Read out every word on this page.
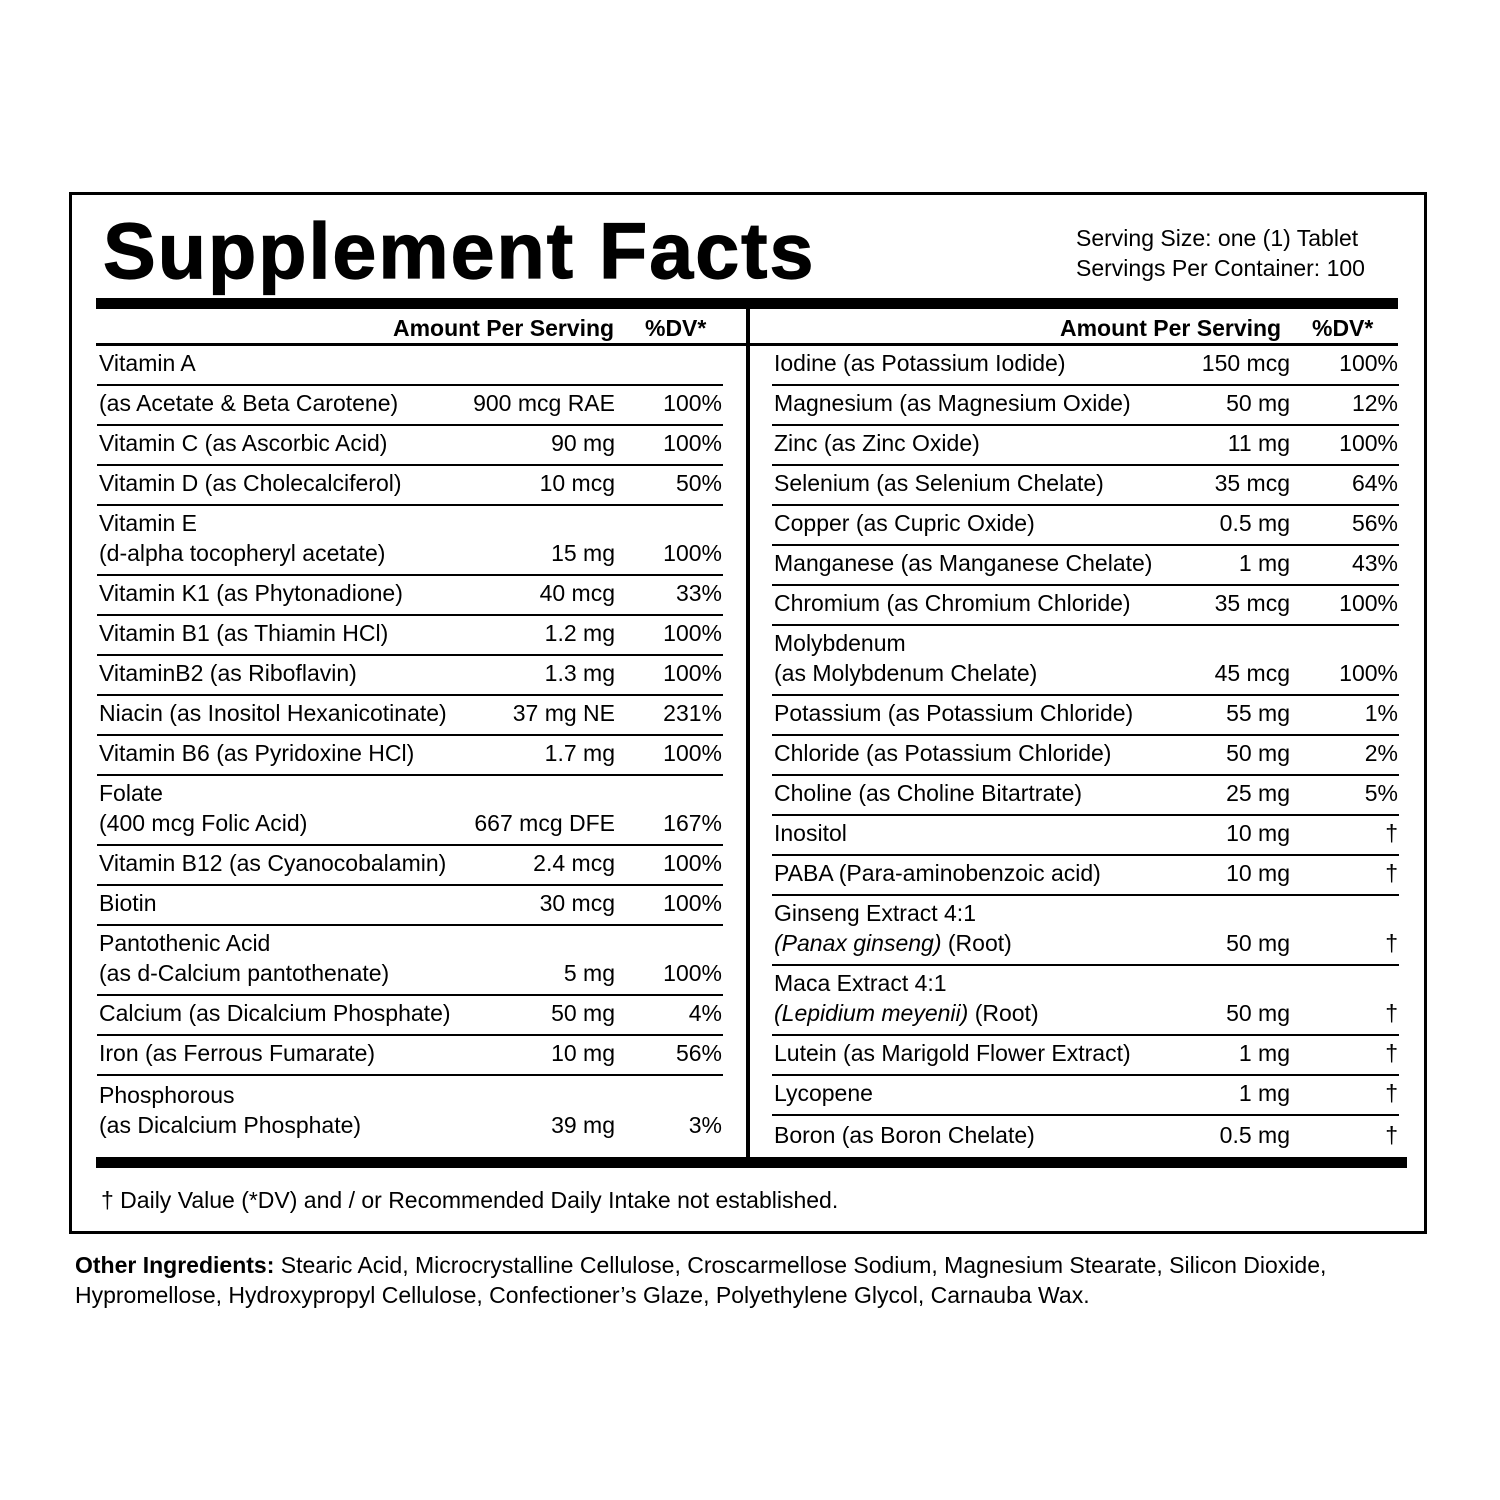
Supplement Facts	Serving Size: one (1) Tablet
Servings Per Container: 100
Amount Per Serving %DV*	Amount Per Serving %DV*
Vitamin A
(as Acetate & Beta Carotene)	900 mcg RAE 100%
Vitamin C (as Ascorbic Acid)	90 mg 100%
Vitamin D (as Cholecalciferol)	10 mcg	50%
Vitamin E
(d-alpha tocopheryl acetate)	15 mg 100%
Vitamin K1 (as Phytonadione)	40 mcg	33%
Vitamin B1 (as Thiamin HCl)	1.2 mg 100%
VitaminB2 (as Riboflavin)	1.3 mg 100%
Niacin (as Inositol Hexanicotinate)	37 mg NE 231%
Vitamin B6 (as Pyridoxine HCl)	1.7 mg 100%
Folate
(400 mcg Folic Acid)	667 mcg DFE 167%
Vitamin B12 (as Cyanocobalamin)	2.4 mcg 100%
Biotin	30 mcg 100%
Pantothenic Acid
(as d-Calcium pantothenate)	5 mg 100%
Calcium (as Dicalcium Phosphate)	50 mg	4%
Iron (as Ferrous Fumarate)	10 mg	56%
Phosphorous
(as Dicalcium Phosphate)	39 mg	3%
Iodine (as Potassium Iodide)	150 mcg 100%
Magnesium (as Magnesium Oxide)	50 mg	12%
Zinc (as Zinc Oxide)	11 mg 100%
Selenium (as Selenium Chelate)	35 mcg	64%
Copper (as Cupric Oxide)	0.5 mg	56%
Manganese (as Manganese Chelate)	1 mg	43%
Chromium (as Chromium Chloride)	35 mcg 100%
Molybdenum
(as Molybdenum Chelate)	45 mcg 100%
Potassium (as Potassium Chloride)	55 mg	1%
Chloride (as Potassium Chloride)	50 mg	2%
Choline (as Choline Bitartrate)	25 mg	5%
Inositol	10 mg	†
PABA (Para-aminobenzoic acid)	10 mg	†
Ginseng Extract 4:1
(Panax ginseng) (Root)	50 mg	†
Maca Extract 4:1
(Lepidium meyenii) (Root)	50 mg	†
Lutein (as Marigold Flower Extract)	1 mg	†
Lycopene	1 mg	†
Boron (as Boron Chelate)	0.5 mg	†
† Daily Value (*DV) and / or Recommended Daily Intake not established.
Other Ingredients: Stearic Acid, Microcrystalline Cellulose, Croscarmellose Sodium, Magnesium Stearate, Silicon Dioxide, Hypromellose, Hydroxypropyl Cellulose, Confectioner’s Glaze, Polyethylene Glycol, Carnauba Wax.
